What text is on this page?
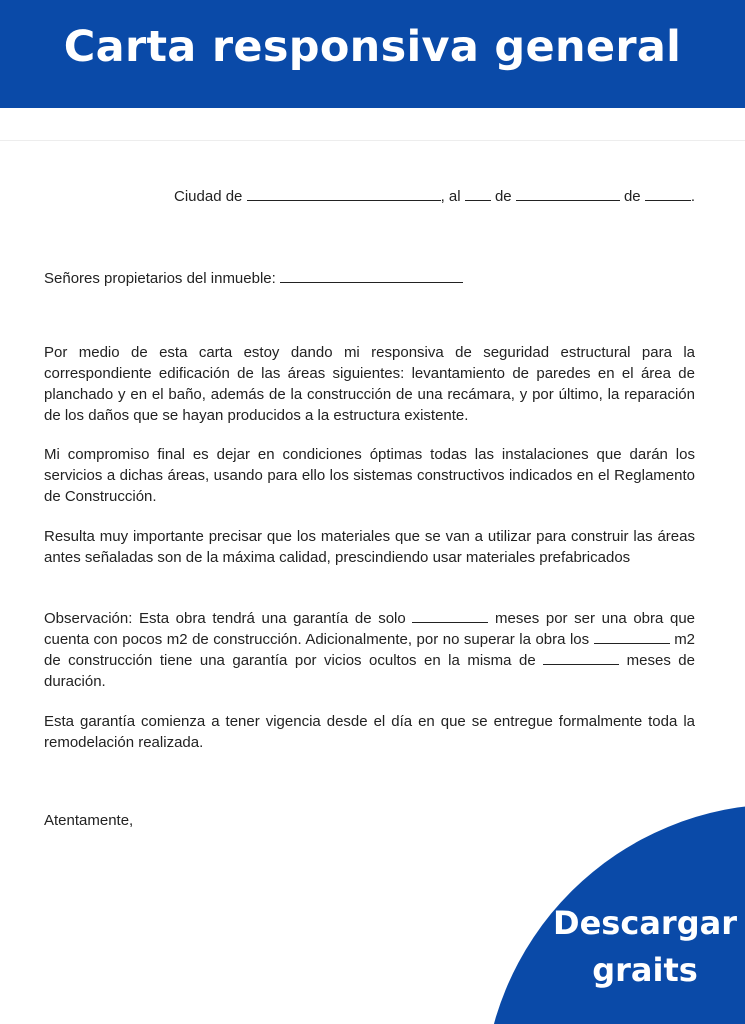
Carta responsiva general
Ciudad de	, al de	de	.
Señores propietarios del inmueble:
Por medio de esta carta estoy dando mi responsiva de seguridad estructural para la correspondiente edificación de las áreas siguientes: levantamiento de paredes en el área de planchado y en el baño, además de la construcción de una recámara, y por último, la reparación de los daños que se hayan producidos a la estructura existente.
Mi compromiso final es dejar en condiciones óptimas todas las instalaciones que darán los servicios a dichas áreas, usando para ello los sistemas constructivos indicados en el Reglamento de Construcción.
Resulta muy importante precisar que los materiales que se van a utilizar para construir las áreas antes señaladas son de la máxima calidad, prescindiendo usar materiales prefabricados
Observación: Esta obra tendrá una garantía de solo	meses por ser una obra que cuenta con pocos m2 de construcción. Adicionalmente, por no superar la obra los	m2 de construcción tiene una garantía por vicios ocultos en la misma de	meses de duración.
Esta garantía comienza a tener vigencia desde el día en que se entregue formalmente toda la remodelación realizada.
Atentamente,
Descargar
graits
